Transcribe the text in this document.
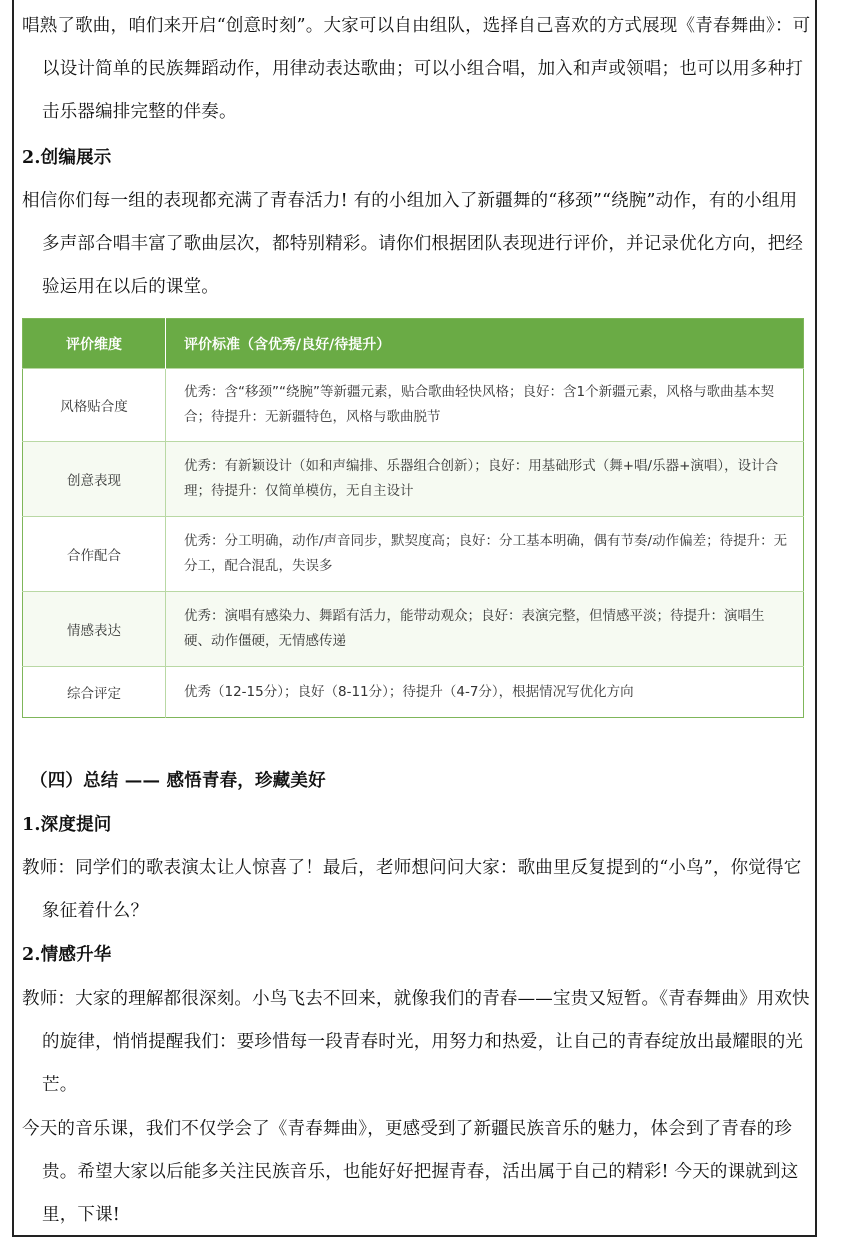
唱熟了歌曲，咱们来开启“创意时刻”。大家可以自由组队，选择自己喜欢的方式展现《青春舞曲》：可以设计简单的民族舞蹈动作，用律动表达歌曲；可以小组合唱，加入和声或领唱；也可以用多种打击乐器编排完整的伴奏。

2.创编展示

相信你们每一组的表现都充满了青春活力! 有的小组加入了新疆舞的“移颈”“绕腕”动作，有的小组用多声部合唱丰富了歌曲层次，都特别精彩。请你们根据团队表现进行评价，并记录优化方向，把经验运用在以后的课堂。

评价维度	评价标准（含优秀/良好/待提升）
风格贴合度	优秀：含“移颈”“绕腕”等新疆元素，贴合歌曲轻快风格；良好：含1个新疆元素，风格与歌曲基本契合；待提升：无新疆特色，风格与歌曲脱节
创意表现	优秀：有新颖设计（如和声编排、乐器组合创新）；良好：用基础形式（舞+唱/乐器+演唱），设计合理；待提升：仅简单模仿，无自主设计
合作配合	优秀：分工明确，动作/声音同步，默契度高；良好：分工基本明确，偶有节奏/动作偏差；待提升：无分工，配合混乱，失误多
情感表达	优秀：演唱有感染力、舞蹈有活力，能带动观众；良好：表演完整，但情感平淡；待提升：演唱生硬、动作僵硬，无情感传递
综合评定	优秀（12-15分）；良好（8-11分）；待提升（4-7分），根据情况写优化方向

（四）总结 —— 感悟青春，珍藏美好

1.深度提问

教师：同学们的歌表演太让人惊喜了！最后，老师想问问大家：歌曲里反复提到的“小鸟”，你觉得它象征着什么？

2.情感升华

教师：大家的理解都很深刻。小鸟飞去不回来，就像我们的青春——宝贵又短暂。《青春舞曲》用欢快的旋律，悄悄提醒我们：要珍惜每一段青春时光，用努力和热爱，让自己的青春绽放出最耀眼的光芒。

今天的音乐课，我们不仅学会了《青春舞曲》，更感受到了新疆民族音乐的魅力，体会到了青春的珍贵。希望大家以后能多关注民族音乐，也能好好把握青春，活出属于自己的精彩! 今天的课就到这里，下课!
